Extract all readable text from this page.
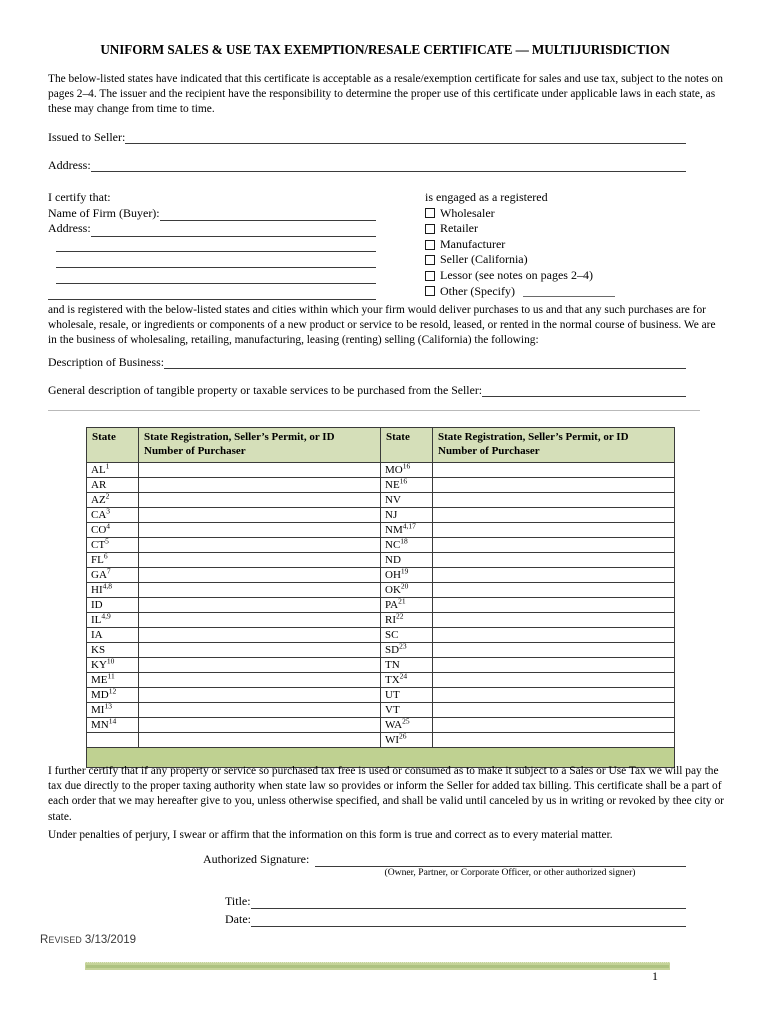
UNIFORM SALES & USE TAX EXEMPTION/RESALE CERTIFICATE — MULTIJURISDICTION
The below-listed states have indicated that this certificate is acceptable as a resale/exemption certificate for sales and use tax, subject to the notes on pages 2–4. The issuer and the recipient have the responsibility to determine the proper use of this certificate under applicable laws in each state, as these may change from time to time.
Issued to Seller:
Address:
I certify that:
Name of Firm (Buyer):
Address:
is engaged as a registered
Wholesaler
Retailer
Manufacturer
Seller (California)
Lessor (see notes on pages 2–4)
Other (Specify)
and is registered with the below-listed states and cities within which your firm would deliver purchases to us and that any such purchases are for wholesale, resale, or ingredients or components of a new product or service to be resold, leased, or rented in the normal course of business. We are in the business of wholesaling, retailing, manufacturing, leasing (renting) selling (California) the following:
Description of Business:
General description of tangible property or taxable services to be purchased from the Seller:
State	State Registration, Seller’s Permit, or ID Number of Purchaser	State	State Registration, Seller’s Permit, or ID Number of Purchaser
$AL^1$		MO$^{16}$	
AR		NE$^{16}$	
$AZ^2$		NV	
$CA^3$		NJ	
$CO^4$		NM$^{4,17}$	
$CT^5$		NC$^{18}$	
$FL^6$		ND	
$GA^7$		OH$^{19}$	
HI$^{4,8}$		OK$^{20}$	
ID		PA$^{21}$	
IL$^{4,9}$		RI$^{22}$	
IA		SC	
KS		SD$^{23}$	
KY$^{10}$		TN	
ME$^{11}$		TX$^{24}$	
MD$^{12}$		UT	
MI$^{13}$		VT	
MN$^{14}$		WA$^{25}$	
		WI$^{26}$	

I further certify that if any property or service so purchased tax free is used or consumed as to make it subject to a Sales or Use Tax we will pay the tax due directly to the proper taxing authority when state law so provides or inform the Seller for added tax billing. This certificate shall be a part of each order that we may hereafter give to you, unless otherwise specified, and shall be valid until canceled by us in writing or revoked by thee city or state.
Under penalties of perjury, I swear or affirm that the information on this form is true and correct as to every material matter.
Authorized Signature:
(Owner, Partner, or Corporate Officer, or other authorized signer)
Title:
Date:
REVISED 3/13/2019
1
